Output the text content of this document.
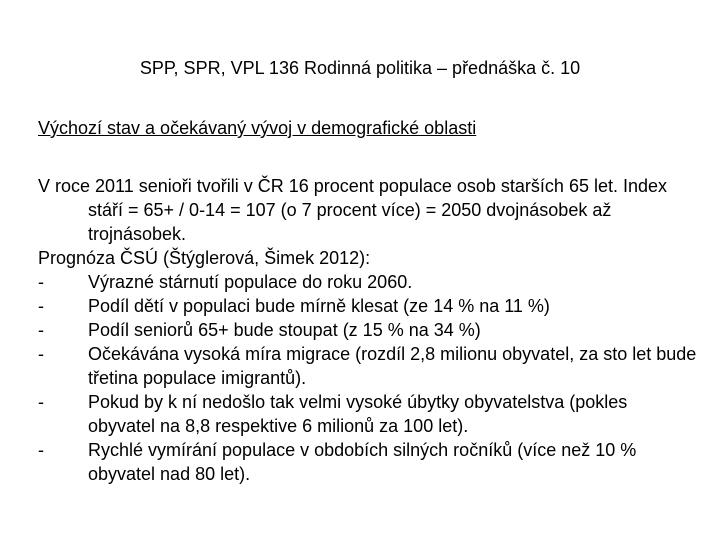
SPP, SPR, VPL 136 Rodinná politika – přednáška č. 10
Výchozí stav a očekávaný vývoj v demografické oblasti

V roce 2011 senioři tvořili v ČR 16 procent populace osob starších 65 let. Index stáří = 65+ / 0-14 = 107 (o 7 procent více) = 2050 dvojnásobek až trojnásobek.

Prognóza ČSÚ (Štýglerová, Šimek 2012):

-	Výrazné stárnutí populace do roku 2060.
-	Podíl dětí v populaci bude mírně klesat (ze 14 % na 11 %)
-	Podíl seniorů 65+ bude stoupat (z 15 % na 34 %)
-	Očekávána vysoká míra migrace (rozdíl 2,8 milionu obyvatel, za sto let bude třetina populace imigrantů).
-	Pokud by k ní nedošlo tak velmi vysoké úbytky obyvatelstva (pokles obyvatel na 8,8 respektive 6 milionů za 100 let).
-	Rychlé vymírání populace v obdobích silných ročníků (více než 10 % obyvatel nad 80 let).
